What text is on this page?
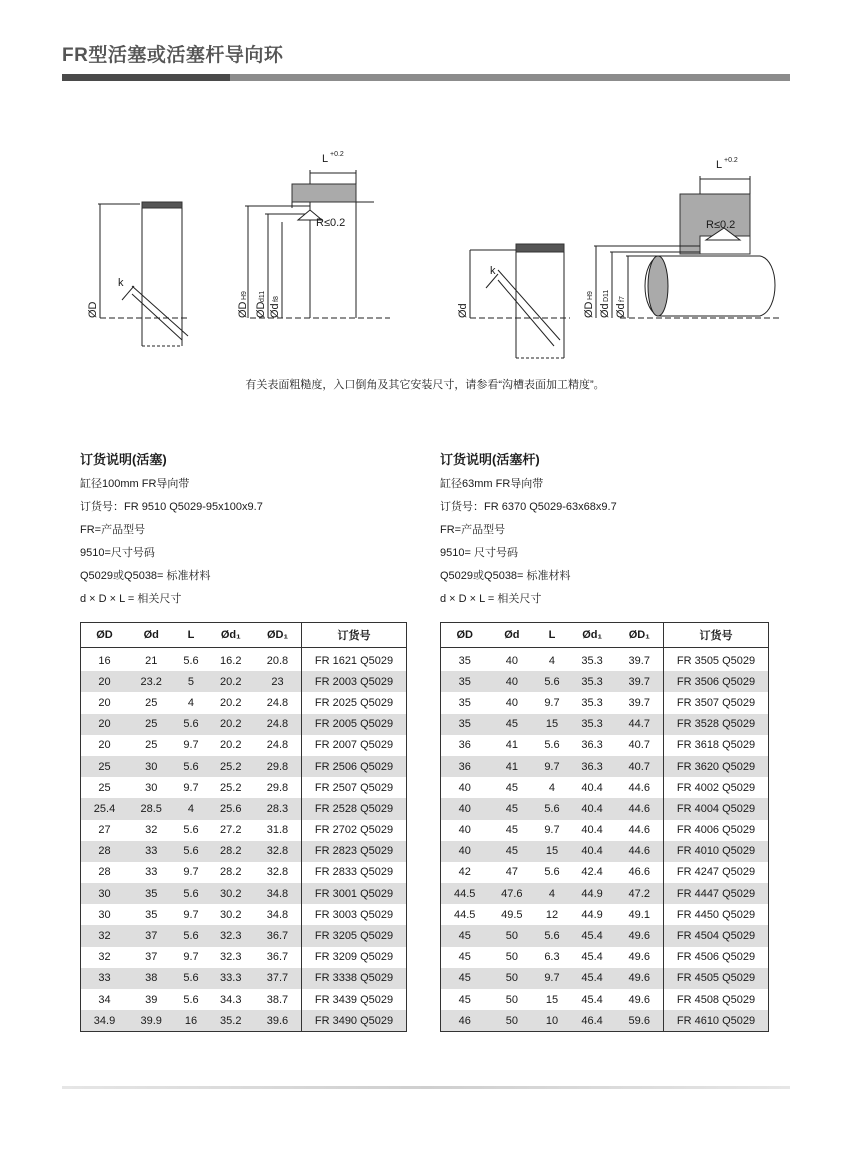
FR型活塞或活塞杆导向环
L +0.2
R≤0.2
L +0.2
R≤0.2
k
k
ØD	ØD
H9
ØD
d11
Ød
f8
Ød	ØD
H9
Ød
D11
Ød
f7
有关表面粗糙度，入口倒角及其它安装尺寸，请参看“沟槽表面加工精度”。
订货说明(活塞)
缸径100mm FR导向带
订货号：FR 9510 Q5029-95x100x9.7
FR=产品型号
9510=尺寸号码
Q5029或Q5038= 标准材料
d × D × L = 相关尺寸
订货说明(活塞杆)
缸径63mm FR导向带
订货号：FR 6370 Q5029-63x68x9.7
FR=产品型号
9510= 尺寸号码
Q5029或Q5038= 标准材料
d × D × L = 相关尺寸
ØD	Ød	L	Ød₁	ØD₁	订货号
16	21	5.6	16.2	20.8	FR 1621 Q5029
20	23.2	5	20.2	23	FR 2003 Q5029
20	25	4	20.2	24.8	FR 2025 Q5029
20	25	5.6	20.2	24.8	FR 2005 Q5029
20	25	9.7	20.2	24.8	FR 2007 Q5029
25	30	5.6	25.2	29.8	FR 2506 Q5029
25	30	9.7	25.2	29.8	FR 2507 Q5029
25.4	28.5	4	25.6	28.3	FR 2528 Q5029
27	32	5.6	27.2	31.8	FR 2702 Q5029
28	33	5.6	28.2	32.8	FR 2823 Q5029
28	33	9.7	28.2	32.8	FR 2833 Q5029
30	35	5.6	30.2	34.8	FR 3001 Q5029
30	35	9.7	30.2	34.8	FR 3003 Q5029
32	37	5.6	32.3	36.7	FR 3205 Q5029
32	37	9.7	32.3	36.7	FR 3209 Q5029
33	38	5.6	33.3	37.7	FR 3338 Q5029
34	39	5.6	34.3	38.7	FR 3439 Q5029
34.9	39.9	16	35.2	39.6	FR 3490 Q5029
ØD	Ød	L	Ød₁	ØD₁	订货号
35	40	4	35.3	39.7	FR 3505 Q5029
35	40	5.6	35.3	39.7	FR 3506 Q5029
35	40	9.7	35.3	39.7	FR 3507 Q5029
35	45	15	35.3	44.7	FR 3528 Q5029
36	41	5.6	36.3	40.7	FR 3618 Q5029
36	41	9.7	36.3	40.7	FR 3620 Q5029
40	45	4	40.4	44.6	FR 4002 Q5029
40	45	5.6	40.4	44.6	FR 4004 Q5029
40	45	9.7	40.4	44.6	FR 4006 Q5029
40	45	15	40.4	44.6	FR 4010 Q5029
42	47	5.6	42.4	46.6	FR 4247 Q5029
44.5	47.6	4	44.9	47.2	FR 4447 Q5029
44.5	49.5	12	44.9	49.1	FR 4450 Q5029
45	50	5.6	45.4	49.6	FR 4504 Q5029
45	50	6.3	45.4	49.6	FR 4506 Q5029
45	50	9.7	45.4	49.6	FR 4505 Q5029
45	50	15	45.4	49.6	FR 4508 Q5029
46	50	10	46.4	59.6	FR 4610 Q5029
